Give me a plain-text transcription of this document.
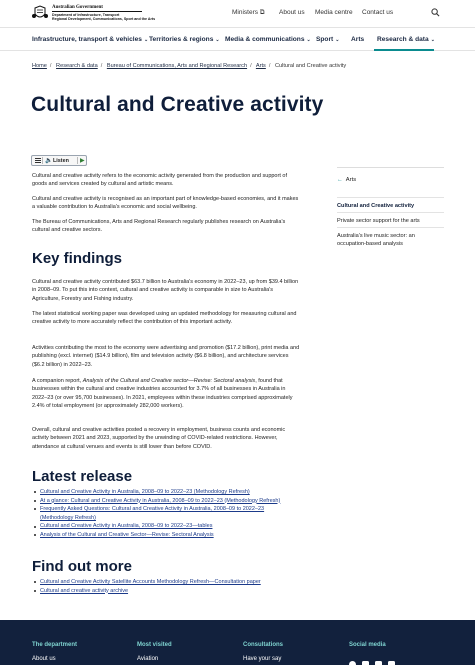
Australian Government
Department of Infrastructure, Transport
Regional Development, Communications, Sport and the Arts
Ministers ⧉ About us Media centre Contact us
Infrastructure, transport & vehicles ⌄ Territories & regions ⌄ Media & communications ⌄ Sport ⌄ Arts Research & data ⌄
Home / Research & data / Bureau of Communications, Arts and Regional Research / Arts / Cultural and Creative activity
Cultural and Creative activity
🔈 Listen	▶

Cultural and creative activity refers to the economic activity generated from the production and support of goods and services created by cultural and artistic means.

Cultural and creative activity is recognised as an important part of knowledge-based economies, and it makes a valuable contribution to Australia's economic and social wellbeing.

The Bureau of Communications, Arts and Regional Research regularly publishes research on Australia's cultural and creative sectors.

Key findings

Cultural and creative activity contributed $63.7 billion to Australia's economy in 2022–23, up from $39.4 billion in 2008–09. To put this into context, cultural and creative activity is comparable in size to Australia's Agriculture, Forestry and Fishing industry.

The latest statistical working paper was developed using an updated methodology for measuring cultural and creative activity to more accurately reflect the contribution of this important activity.

Activities contributing the most to the economy were advertising and promotion ($17.2 billion), print media and publishing (excl. internet) ($14.9 billion), film and television activity ($6.8 billion), and architecture services ($6.2 billion) in 2022–23.

A companion report, Analysis of the Cultural and Creative sector—Revise: Sectoral analysis, found that businesses within the cultural and creative industries accounted for 3.7% of all businesses in Australia in 2022–23 (or over 95,700 businesses). In 2021, employees within these industries comprised approximately 2.4% of total employment (or approximately 282,000 workers).

Overall, cultural and creative activities posted a recovery in employment, business counts and economic activity between 2021 and 2023, supported by the unwinding of COVID-related restrictions. However, attendance at cultural venues and events is still lower than before COVID.

Latest release
Cultural and Creative Activity in Australia, 2008–09 to 2022–23 (Methodology Refresh)
At a glance: Cultural and Creative Activity in Australia, 2008–09 to 2022–23 (Methodology Refresh)
Frequently Asked Questions: Cultural and Creative Activity in Australia, 2008–09 to 2022–23 (Methodology Refresh)
Cultural and Creative Activity in Australia, 2008–09 to 2022–23—tables
Analysis of the Cultural and Creative Sector—Revise: Sectoral Analysis
Find out more
Cultural and Creative Activity Satellite Accounts Methodology Refresh—Consultation paper
Cultural and creative activity archive
← Arts
Cultural and Creative activity
Private sector support for the arts
Australia's live music sector: an occupation-based analysis
The department	Most visited	Consultations	Social media
About us	Aviation	Have your say
